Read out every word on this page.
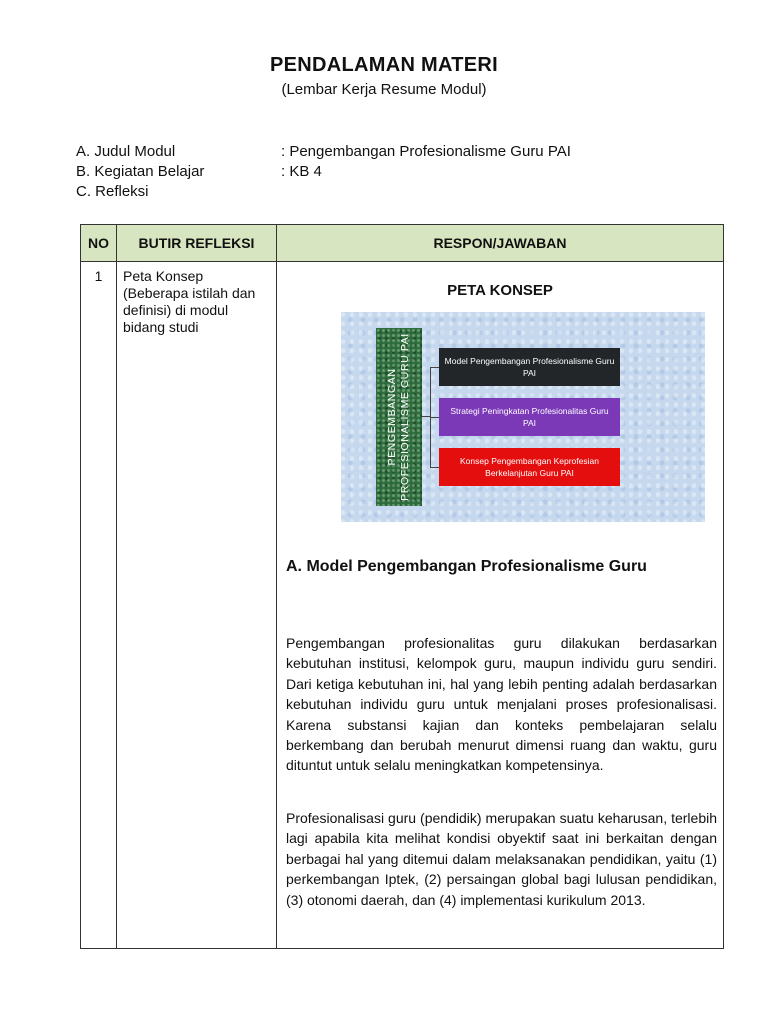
PENDALAMAN MATERI
(Lembar Kerja Resume Modul)
A. Judul Modul	: Pengembangan Profesionalisme Guru PAI
B. Kegiatan Belajar	: KB 4
C. Refleksi
NO	BUTIR REFLEKSI	RESPON/JAWABAN
1	Peta Konsep (Beberapa istilah dan definisi) di modul bidang studi
PETA KONSEP
PENGEMBANGAN PROFESIONALISME GURU PAI	Model Pengembangan Profesionalisme Guru PAI
Strategi Peningkatan Profesionalitas Guru PAI
Konsep Pengembangan Keprofesian Berkelanjutan Guru PAI
A. Model Pengembangan Profesionalisme Guru

Pengembangan profesionalitas guru dilakukan berdasarkan kebutuhan institusi, kelompok guru, maupun individu guru sendiri. Dari ketiga kebutuhan ini, hal yang lebih penting adalah berdasarkan kebutuhan individu guru untuk menjalani proses profesionalisasi. Karena substansi kajian dan konteks pembelajaran selalu berkembang dan berubah menurut dimensi ruang dan waktu, guru dituntut untuk selalu meningkatkan kompetensinya.

Profesionalisasi guru (pendidik) merupakan suatu keharusan, terlebih lagi apabila kita melihat kondisi obyektif saat ini berkaitan dengan berbagai hal yang ditemui dalam melaksanakan pendidikan, yaitu (1) perkembangan Iptek, (2) persaingan global bagi lulusan pendidikan, (3) otonomi daerah, dan (4) implementasi kurikulum 2013.
